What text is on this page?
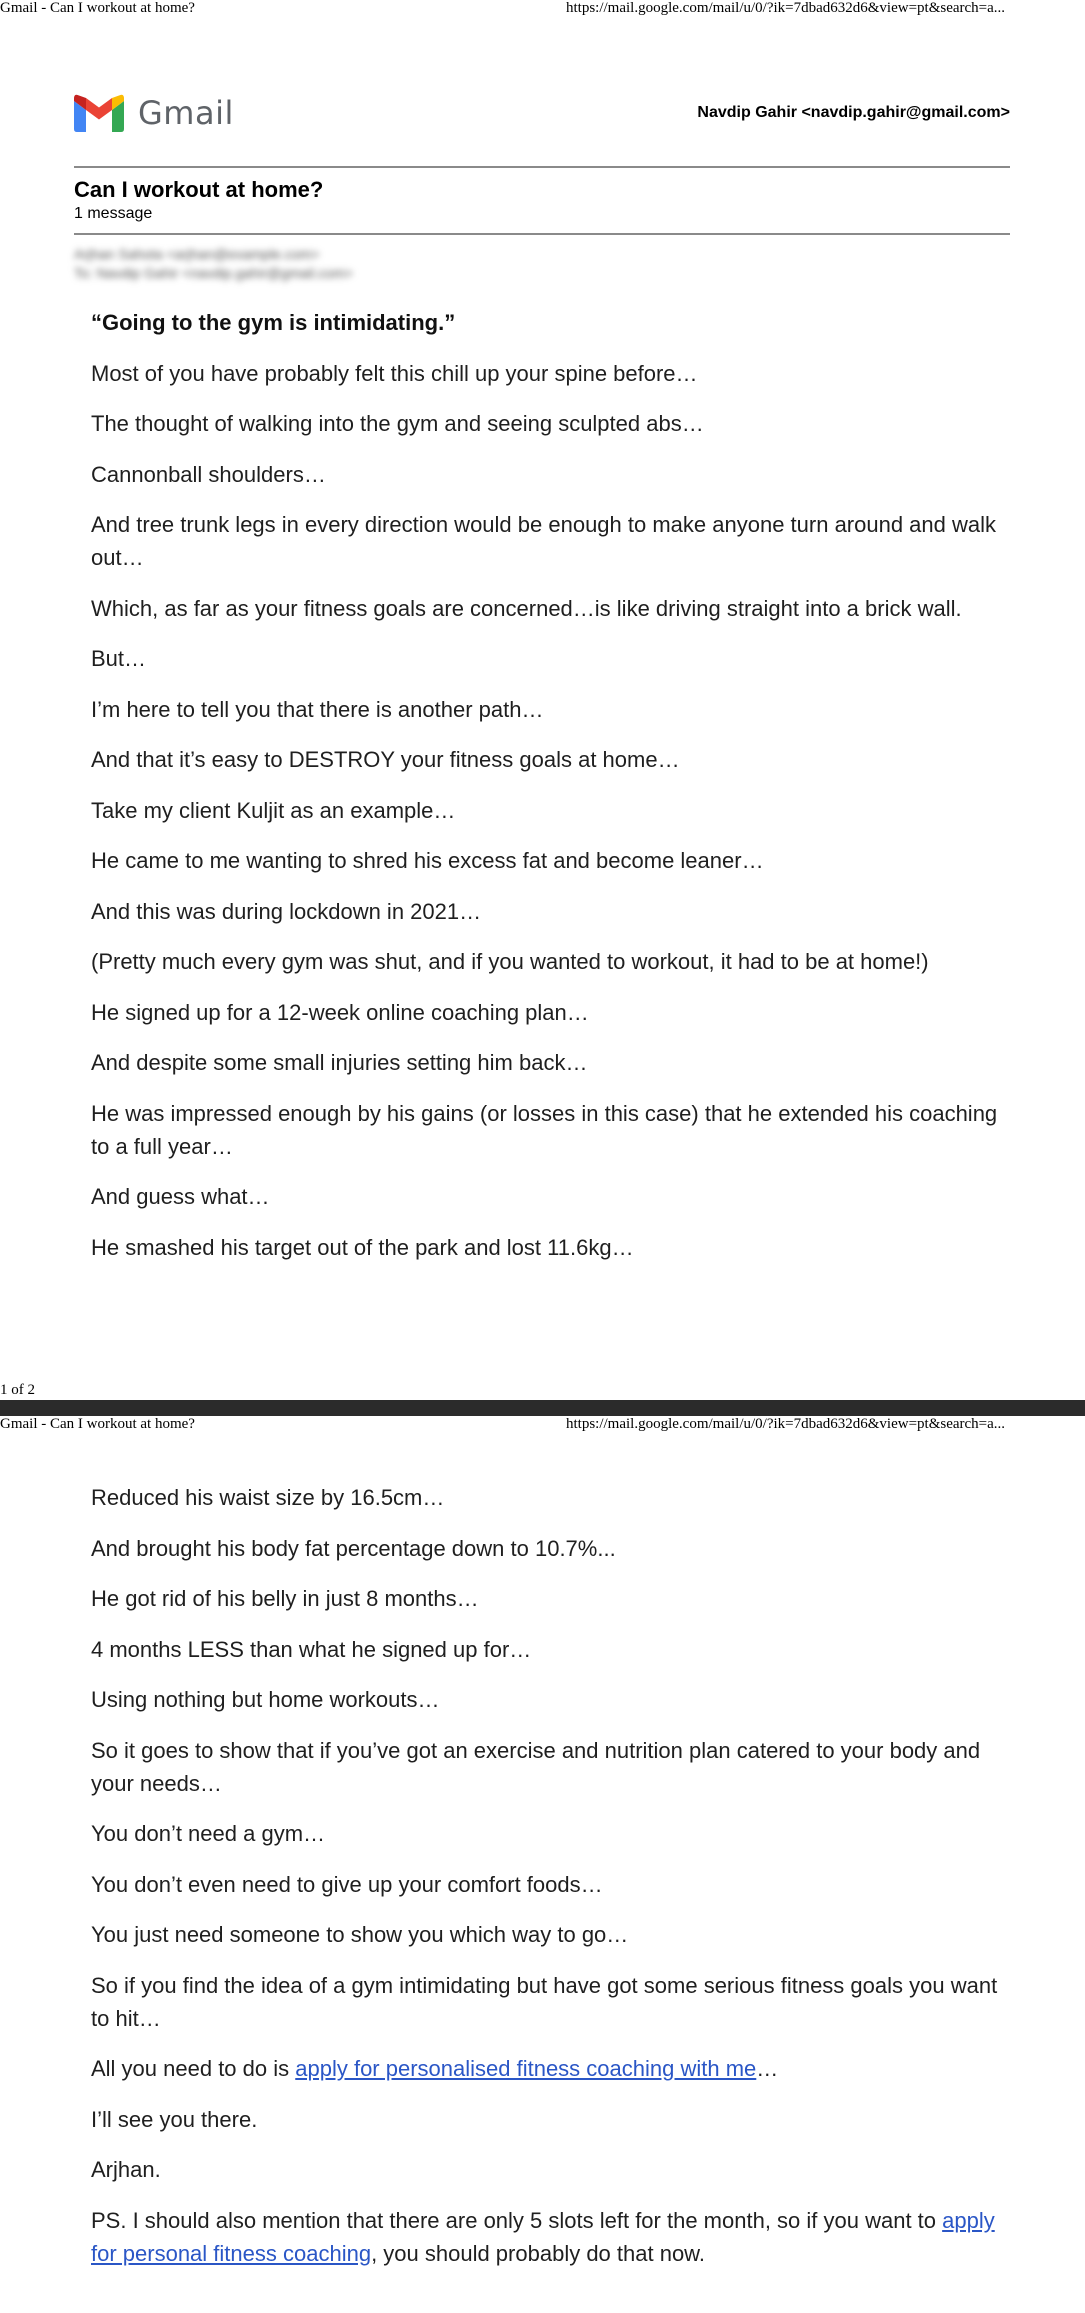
Gmail - Can I workout at home?	https://mail.google.com/mail/u/0/?ik=7dbad632d6&view=pt&search=a...
Gmail	Navdip Gahir <navdip.gahir@gmail.com>
Can I workout at home?
1 message
Arjhan Sahota <arjhan@example.com>
To: Navdip Gahir <navdip.gahir@gmail.com>

“Going to the gym is intimidating.”

Most of you have probably felt this chill up your spine before…

The thought of walking into the gym and seeing sculpted abs…

Cannonball shoulders…

And tree trunk legs in every direction would be enough to make anyone turn around and walk out…

Which, as far as your fitness goals are concerned…is like driving straight into a brick wall.

But…

I’m here to tell you that there is another path…

And that it’s easy to DESTROY your fitness goals at home…

Take my client Kuljit as an example…

He came to me wanting to shred his excess fat and become leaner…

And this was during lockdown in 2021…

(Pretty much every gym was shut, and if you wanted to workout, it had to be at home!)

He signed up for a 12-week online coaching plan…

And despite some small injuries setting him back…

He was impressed enough by his gains (or losses in this case) that he extended his coaching to a full year…

And guess what…

He smashed his target out of the park and lost 11.6kg…

1 of 2
Gmail - Can I workout at home?	https://mail.google.com/mail/u/0/?ik=7dbad632d6&view=pt&search=a...

Reduced his waist size by 16.5cm…

And brought his body fat percentage down to 10.7%...

He got rid of his belly in just 8 months…

4 months LESS than what he signed up for…

Using nothing but home workouts…

So it goes to show that if you’ve got an exercise and nutrition plan catered to your body and your needs…

You don’t need a gym…

You don’t even need to give up your comfort foods…

You just need someone to show you which way to go…

So if you find the idea of a gym intimidating but have got some serious fitness goals you want to hit…

All you need to do is apply for personalised fitness coaching with me…

I’ll see you there.

Arjhan.

PS. I should also mention that there are only 5 slots left for the month, so if you want to apply for personal fitness coaching, you should probably do that now.
